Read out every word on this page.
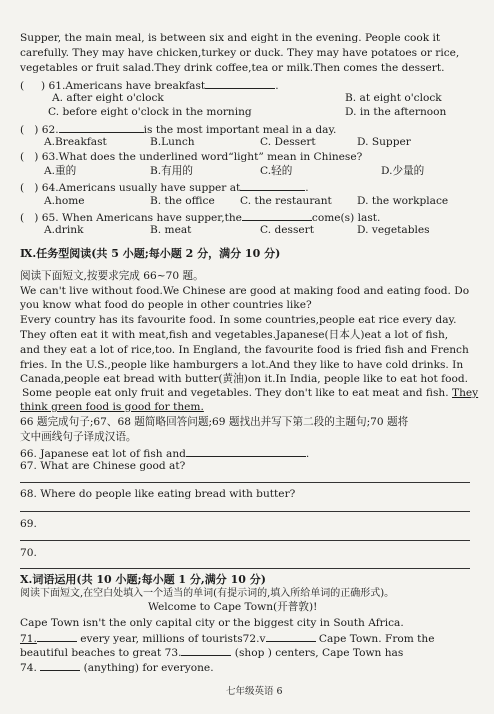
Supper, the main meal, is between six and eight in the evening. People cook it
carefully. They may have chicken,turkey or duck. They may have potatoes or rice,
vegetables or fruit salad.They drink coffee,tea or milk.Then comes the dessert.
( ) 61.Americans have breakfast	.
A. after eight o'clock	B. at eight o'clock
C. before eight o'clock in the morning	D. in the afternoon
( ) 62.	is the most important meal in a day.
A.Breakfast	B.Lunch	C. Dessert	D. Supper
( ) 63.What does the underlined word“light” mean in Chinese?
A.重的	B.有用的	C.轻的	D.少量的
( ) 64.Americans usually have supper at	.
A.home	B. the office C. the restaurant D. the workplace
( ) 65. When Americans have supper,the	come(s) last.
A.drink	B. meat	C. dessert	D. vegetables
Ⅸ.任务型阅读(共 5 小题;每小题 2 分，满分 10 分)
阅读下面短文,按要求完成 66~70 题。
We can't live without food.We Chinese are good at making food and eating food. Do
you know what food do people in other countries like?
Every country has its favourite food. In some countries,people eat rice every day.
They often eat it with meat,fish and vegetables.Japanese(日本人)eat a lot of fish,
and they eat a lot of rice,too. In England, the favourite food is fried fish and French
fries. In the U.S.,people like hamburgers a lot.And they like to have cold drinks. In
Canada,people eat bread with butter(黄油)on it.In India, people like to eat hot food.
Some people eat only fruit and vegetables. They don't like to eat meat and fish. They
think green food is good for them.
66 题完成句子;67、68 题简略回答问题;69 题找出并写下第二段的主题句;70 题将
文中画线句子译成汉语。
66. Japanese eat lot of fish and	.
67. What are Chinese good at?
68. Where do people like eating bread with butter?
69.
70.
X.词语运用(共 10 小题;每小题 1 分,满分 10 分)
阅读下面短文,在空白处填入一个适当的单词(有提示词的,填入所给单词的正确形式)。
Welcome to Cape Town(开普敦)!
Cape Town isn't the only capital city or the biggest city in South Africa.
71.	every year, millions of tourists72.v	Cape Town. From the
beautiful beaches to great 73.	(shop ) centers, Cape Town has
74.	(anything) for everyone.
七年级英语 6
